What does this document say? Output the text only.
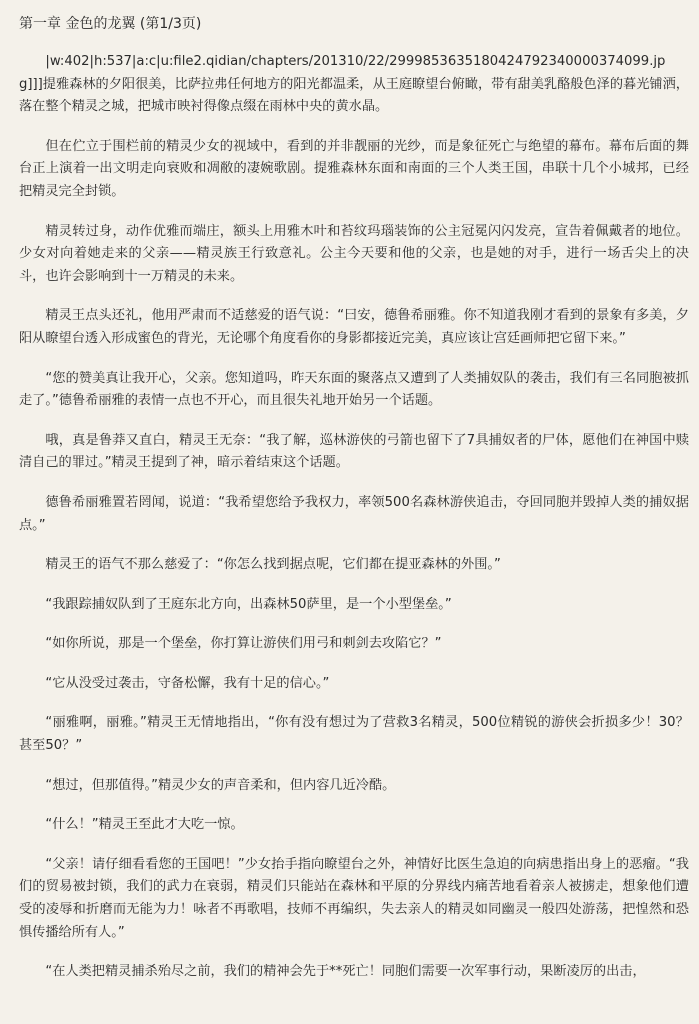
第一章 金色的龙翼 (第1/3页)

|w:402|h:537|a:c|u:file2.qidian/chapters/201310/22/2999853635180424792340000374099.jpg]]]提雅森林的夕阳很美，比萨拉弗任何地方的阳光都温柔，从王庭瞭望台俯瞰，带有甜美乳酪般色泽的暮光铺洒，落在整个精灵之城，把城市映衬得像点缀在雨林中央的黄水晶。

但在伫立于围栏前的精灵少女的视域中，看到的并非靓丽的光纱，而是象征死亡与绝望的幕布。幕布后面的舞台正上演着一出文明走向衰败和凋敝的凄婉歌剧。提雅森林东面和南面的三个人类王国，串联十几个小城邦，已经把精灵完全封锁。

精灵转过身，动作优雅而端庄，额头上用雅木叶和苔纹玛瑙装饰的公主冠冕闪闪发亮，宣告着佩戴者的地位。少女对向着她走来的父亲——精灵族王行致意礼。公主今天要和他的父亲，也是她的对手，进行一场舌尖上的决斗，也许会影响到十一万精灵的未来。

精灵王点头还礼，他用严肃而不适慈爱的语气说：“曰安，德鲁希丽雅。你不知道我刚才看到的景象有多美，夕阳从瞭望台透入形成蜜色的背光，无论哪个角度看你的身影都接近完美，真应该让宫廷画师把它留下来。”

“您的赞美真让我开心，父亲。您知道吗，昨天东面的聚落点又遭到了人类捕奴队的袭击，我们有三名同胞被抓走了。”德鲁希丽雅的表情一点也不开心，而且很失礼地开始另一个话题。

哦，真是鲁莽又直白，精灵王无奈：“我了解，巡林游侠的弓箭也留下了7具捕奴者的尸体，愿他们在神国中赎清自己的罪过。”精灵王提到了神，暗示着结束这个话题。

德鲁希丽雅置若罔闻，说道：“我希望您给予我权力，率领500名森林游侠追击，夺回同胞并毁掉人类的捕奴据点。”

精灵王的语气不那么慈爱了：“你怎么找到据点呢，它们都在提亚森林的外围。”

“我跟踪捕奴队到了王庭东北方向，出森林50萨里，是一个小型堡垒。”

“如你所说，那是一个堡垒，你打算让游侠们用弓和刺剑去攻陷它？”

“它从没受过袭击，守备松懈，我有十足的信心。”

“丽雅啊，丽雅。”精灵王无情地指出，“你有没有想过为了营救3名精灵，500位精锐的游侠会折损多少！30？甚至50？”

“想过，但那值得。”精灵少女的声音柔和，但内容几近冷酷。

“什么！”精灵王至此才大吃一惊。

“父亲！请仔细看看您的王国吧！”少女抬手指向瞭望台之外，神情好比医生急迫的向病患指出身上的恶瘤。“我们的贸易被封锁，我们的武力在衰弱，精灵们只能站在森林和平原的分界线内痛苦地看着亲人被掳走，想象他们遭受的凌辱和折磨而无能为力！咏者不再歌唱，技师不再编织，失去亲人的精灵如同幽灵一般四处游荡，把惶然和恐惧传播给所有人。”

“在人类把精灵捕杀殆尽之前，我们的精神会先于**死亡！同胞们需要一次军事行动，果断凌厉的出击，
